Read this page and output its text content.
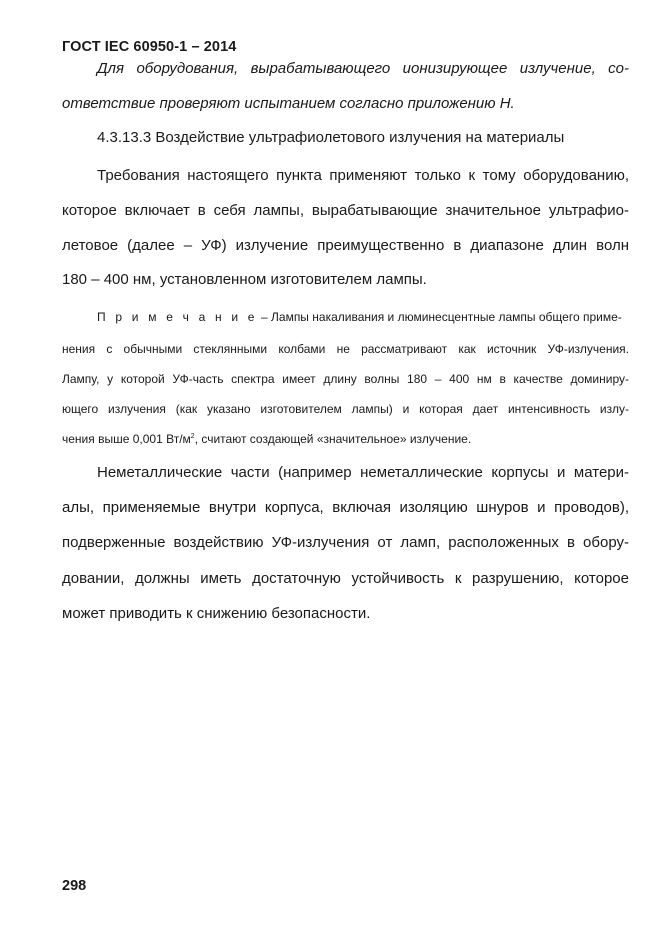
ГОСТ IEC 60950-1 – 2014
Для оборудования, вырабатывающего ионизирующее излучение, со-
ответствие проверяют испытанием согласно приложению Н.
4.3.13.3 Воздействие ультрафиолетового излучения на материалы
Требования настоящего пункта применяют только к тому оборудованию,
которое включает в себя лампы, вырабатывающие значительное ультрафио-
летовое (далее – УФ) излучение преимущественно в диапазоне длин волн
180 – 400 нм, установленном изготовителем лампы.
П р и м е ч а н и е – Лампы накаливания и люминесцентные лампы общего приме-
нения с обычными стеклянными колбами не рассматривают как источник УФ-излучения.
Лампу, у которой УФ-часть спектра имеет длину волны 180 – 400 нм в качестве доминиру-
ющего излучения (как указано изготовителем лампы) и которая дает интенсивность излу-
чения выше 0,001 $Вт/м^2$, считают создающей «значительное» излучение.
Неметаллические части (например неметаллические корпусы и матери-
алы, применяемые внутри корпуса, включая изоляцию шнуров и проводов),
подверженные воздействию УФ-излучения от ламп, расположенных в обору-
довании, должны иметь достаточную устойчивость к разрушению, которое
может приводить к снижению безопасности.
298
